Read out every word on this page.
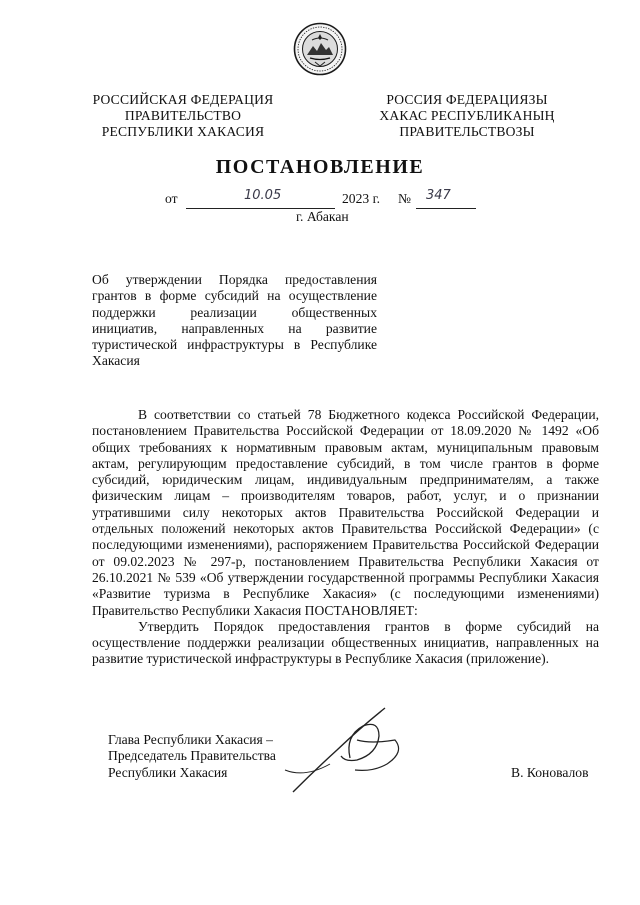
РОССИЙСКАЯ ФЕДЕРАЦИЯ
ПРАВИТЕЛЬСТВО
РЕСПУБЛИКИ ХАКАСИЯ
РОССИЯ ФЕДЕРАЦИЯЗЫ
ХАКАС РЕСПУБЛИКАНЫҢ
ПРАВИТЕЛЬСТВОЗЫ
ПОСТАНОВЛЕНИЕ
от	10.05	2023 г. № 347
г. Абакан

Об утверждении Порядка предоставления грантов в форме субсидий на осуществление поддержки реализации общественных инициатив, направленных на развитие туристической инфраструктуры в Республике Хакасия

В соответствии со статьей 78 Бюджетного кодекса Российской Федерации, постановлением Правительства Российской Федерации от 18.09.2020 № 1492 «Об общих требованиях к нормативным правовым актам, муниципальным правовым актам, регулирующим предоставление субсидий, в том числе грантов в форме субсидий, юридическим лицам, индивидуальным предпринимателям, а также физическим лицам – производителям товаров, работ, услуг, и о признании утратившими силу некоторых актов Правительства Российской Федерации и отдельных положений некоторых актов Правительства Российской Федерации» (с последующими изменениями), распоряжением Правительства Российской Федерации от 09.02.2023 № 297-р, постановлением Правительства Республики Хакасия от 26.10.2021 № 539 «Об утверждении государственной программы Республики Хакасия «Развитие туризма в Республике Хакасия» (с последующими изменениями) Правительство Республики Хакасия ПОСТАНОВЛЯЕТ:

Утвердить Порядок предоставления грантов в форме субсидий на осуществление поддержки реализации общественных инициатив, направленных на развитие туристической инфраструктуры в Республике Хакасия (приложение).

Глава Республики Хакасия –
Председатель Правительства
Республики Хакасия	В. Коновалов
